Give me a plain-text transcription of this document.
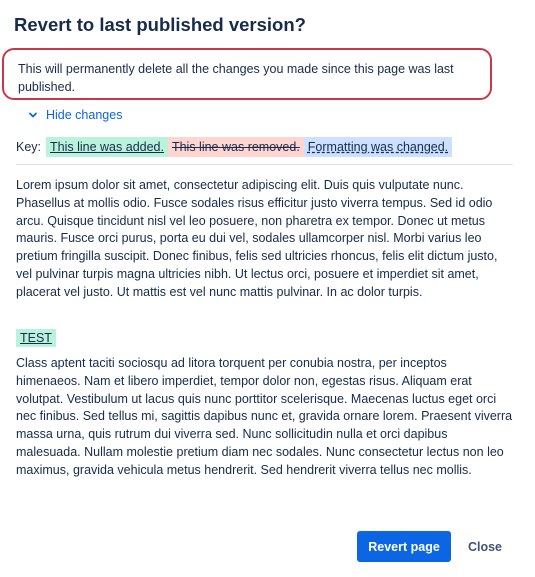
Revert to last published version?
This will permanently delete all the changes you made since this page was last published.
Hide changes
Key: This line was added. This line was removed. Formatting was changed.

Lorem ipsum dolor sit amet, consectetur adipiscing elit. Duis quis vulputate nunc. Phasellus at mollis odio. Fusce sodales risus efficitur justo viverra tempus. Sed id odio arcu. Quisque tincidunt nisl vel leo posuere, non pharetra ex tempor. Donec ut metus mauris. Fusce orci purus, porta eu dui vel, sodales ullamcorper nisl. Morbi varius leo pretium fringilla suscipit. Donec finibus, felis sed ultricies rhoncus, felis elit dictum justo, vel pulvinar turpis magna ultricies nibh. Ut lectus orci, posuere et imperdiet sit amet, placerat vel justo. Ut mattis est vel nunc mattis pulvinar. In ac dolor turpis.

TEST

Class aptent taciti sociosqu ad litora torquent per conubia nostra, per inceptos himenaeos. Nam et libero imperdiet, tempor dolor non, egestas risus. Aliquam erat volutpat. Vestibulum ut lacus quis nunc porttitor scelerisque. Maecenas luctus eget orci nec finibus. Sed tellus mi, sagittis dapibus nunc et, gravida ornare lorem. Praesent viverra massa urna, quis rutrum dui viverra sed. Nunc sollicitudin nulla et orci dapibus malesuada. Nullam molestie pretium diam nec sodales. Nunc consectetur lectus non leo maximus, gravida vehicula metus hendrerit. Sed hendrerit viverra tellus nec mollis.

Revert page	Close
